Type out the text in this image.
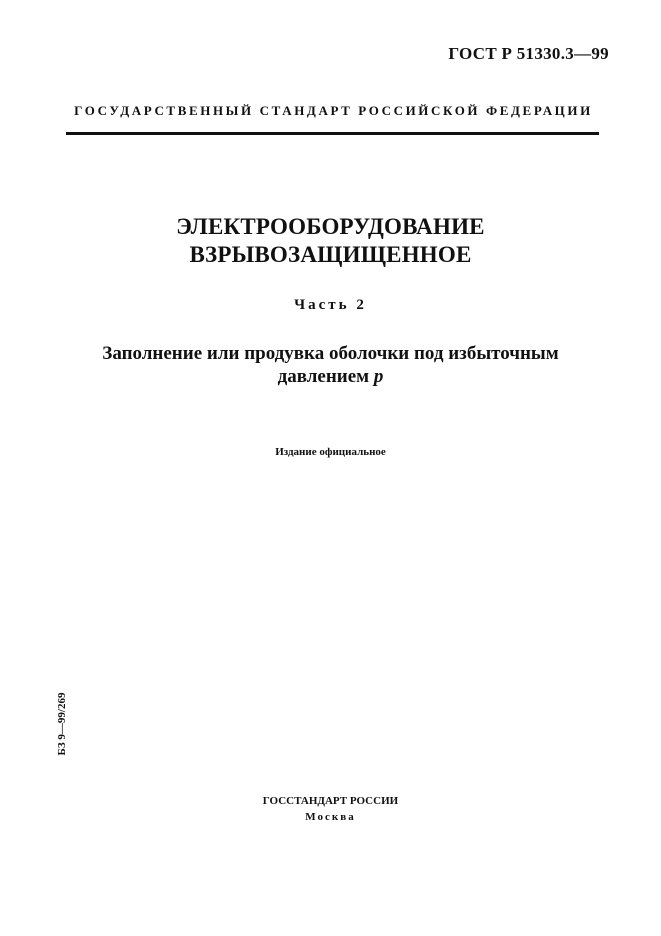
ГОСТ Р 51330.3—99
ГОСУДАРСТВЕННЫЙ СТАНДАРТ РОССИЙСКОЙ ФЕДЕРАЦИИ
ЭЛЕКТРООБОРУДОВАНИЕ
ВЗРЫВОЗАЩИЩЕННОЕ
Часть 2
Заполнение или продувка оболочки под избыточным
давлением p
Издание официальное
БЗ 9—99/269
ГОССТАНДАРТ РОССИИ
Москва
